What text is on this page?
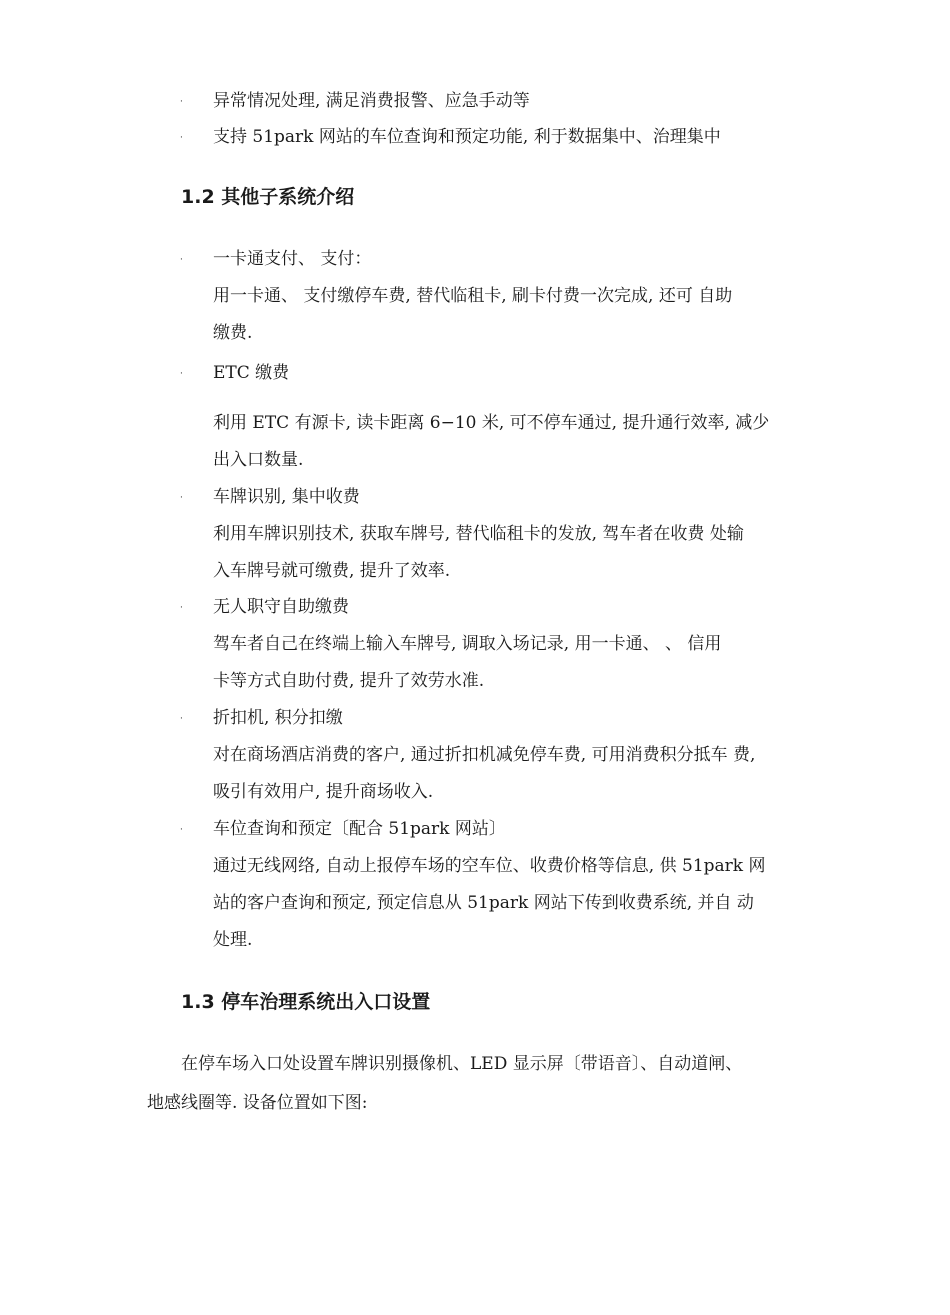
· 异常情况处理, 满足消费报警、应急手动等
· 支持 51park 网站的车位查询和预定功能, 利于数据集中、治理集中
1.2 其他子系统介绍
· 一卡通支付、 支付：
用一卡通、 支付缴停车费, 替代临租卡, 刷卡付费一次完成, 还可 自助
缴费.
· ETC 缴费
利用 ETC 有源卡, 读卡距离 6−10 米, 可不停车通过, 提升通行效率, 减少
出入口数量.
· 车牌识别, 集中收费
利用车牌识别技术, 获取车牌号, 替代临租卡的发放, 驾车者在收费 处输
入车牌号就可缴费, 提升了效率.
· 无人职守自助缴费
驾车者自己在终端上输入车牌号, 调取入场记录, 用一卡通、 、 信用
卡等方式自助付费, 提升了效劳水准.
· 折扣机, 积分扣缴
对在商场酒店消费的客户, 通过折扣机减免停车费, 可用消费积分抵车 费,
吸引有效用户, 提升商场收入.
· 车位查询和预定〔配合 51park 网站〕
通过无线网络, 自动上报停车场的空车位、收费价格等信息, 供 51park 网
站的客户查询和预定, 预定信息从 51park 网站下传到收费系统, 并自 动
处理.
1.3 停车治理系统出入口设置
在停车场入口处设置车牌识别摄像机、LED 显示屏〔带语音〕、自动道闸、
地感线圈等. 设备位置如下图:
